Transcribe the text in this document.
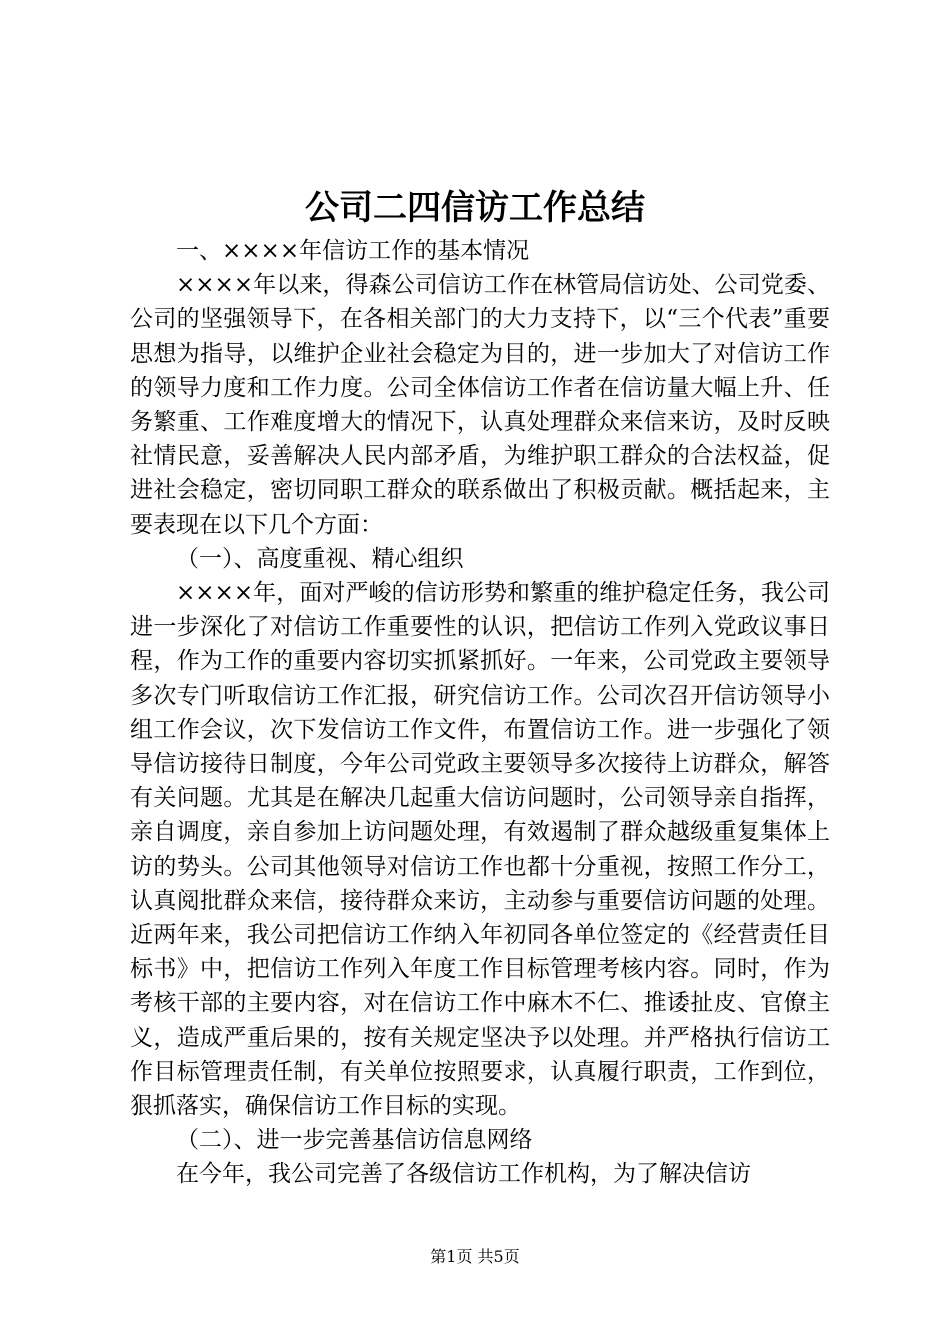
公司二四信访工作总结

一、××××年信访工作的基本情况

××××年以来，得森公司信访工作在林管局信访处、公司党委、公司的坚强领导下，在各相关部门的大力支持下，以“三个代表”重要思想为指导，以维护企业社会稳定为目的，进一步加大了对信访工作的领导力度和工作力度。公司全体信访工作者在信访量大幅上升、任务繁重、工作难度增大的情况下，认真处理群众来信来访，及时反映社情民意，妥善解决人民内部矛盾，为维护职工群众的合法权益，促进社会稳定，密切同职工群众的联系做出了积极贡献。概括起来，主要表现在以下几个方面：

（一）、高度重视、精心组织

××××年，面对严峻的信访形势和繁重的维护稳定任务，我公司进一步深化了对信访工作重要性的认识，把信访工作列入党政议事日程，作为工作的重要内容切实抓紧抓好。一年来，公司党政主要领导多次专门听取信访工作汇报，研究信访工作。公司次召开信访领导小组工作会议，次下发信访工作文件，布置信访工作。进一步强化了领导信访接待日制度，今年公司党政主要领导多次接待上访群众，解答有关问题。尤其是在解决几起重大信访问题时，公司领导亲自指挥，亲自调度，亲自参加上访问题处理，有效遏制了群众越级重复集体上访的势头。公司其他领导对信访工作也都十分重视，按照工作分工，认真阅批群众来信，接待群众来访，主动参与重要信访问题的处理。近两年来，我公司把信访工作纳入年初同各单位签定的《经营责任目标书》中，把信访工作列入年度工作目标管理考核内容。同时，作为考核干部的主要内容，对在信访工作中麻木不仁、推诿扯皮、官僚主义，造成严重后果的，按有关规定坚决予以处理。并严格执行信访工作目标管理责任制，有关单位按照要求，认真履行职责，工作到位，狠抓落实，确保信访工作目标的实现。

（二）、进一步完善基信访信息网络

在今年，我公司完善了各级信访工作机构，为了解决信访

第1页 共5页
